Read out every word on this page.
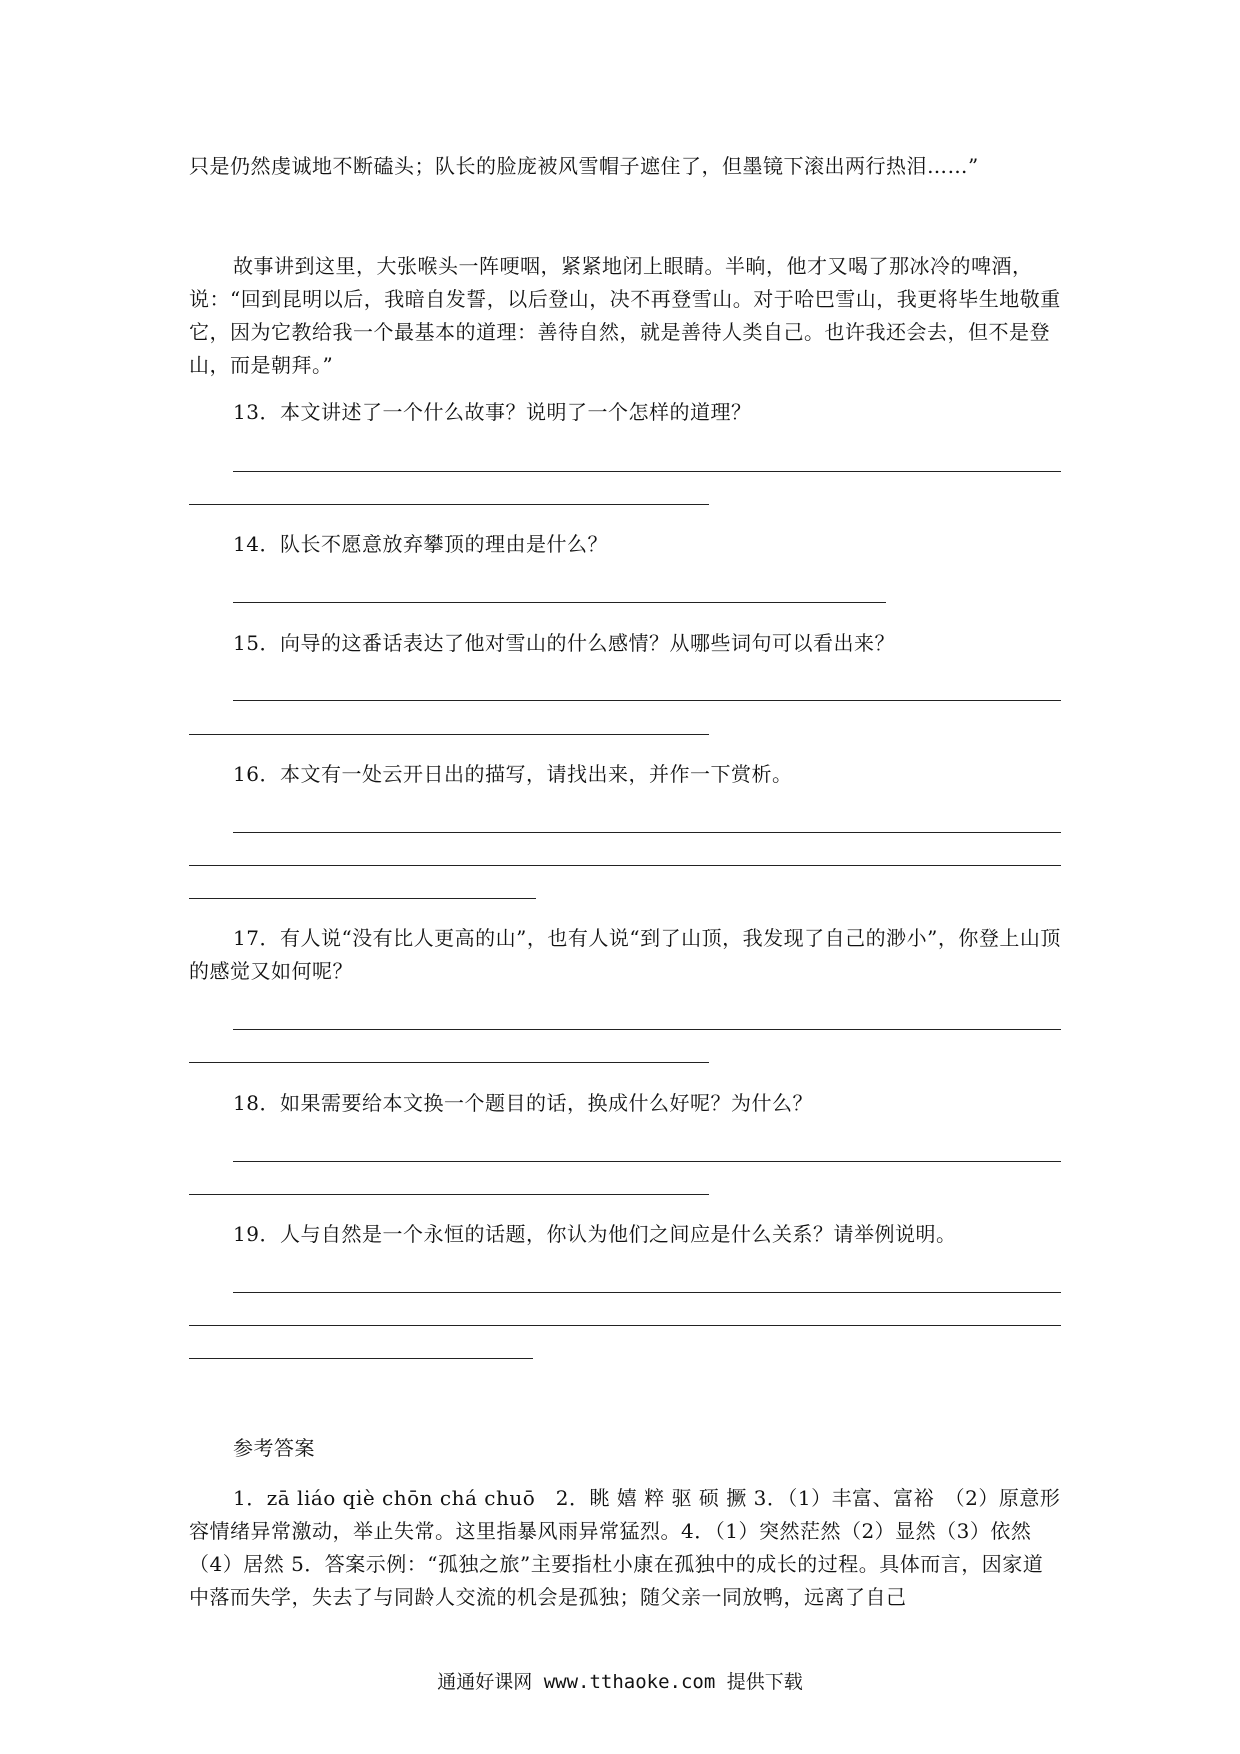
只是仍然虔诚地不断磕头；队长的脸庞被风雪帽子遮住了，但墨镜下滚出两行热泪……”

故事讲到这里，大张喉头一阵哽咽，紧紧地闭上眼睛。半晌，他才又喝了那冰冷的啤酒，说：“回到昆明以后，我暗自发誓，以后登山，决不再登雪山。对于哈巴雪山，我更将毕生地敬重它，因为它教给我一个最基本的道理：善待自然，就是善待人类自己。也许我还会去，但不是登山，而是朝拜。”

13．本文讲述了一个什么故事？说明了一个怎样的道理？

14．队长不愿意放弃攀顶的理由是什么？

15．向导的这番话表达了他对雪山的什么感情？从哪些词句可以看出来？

16．本文有一处云开日出的描写，请找出来，并作一下赏析。

17．有人说“没有比人更高的山”，也有人说“到了山顶，我发现了自己的渺小”，你登上山顶的感觉又如何呢？

18．如果需要给本文换一个题目的话，换成什么好呢？为什么？

19．人与自然是一个永恒的话题，你认为他们之间应是什么关系？请举例说明。

参考答案

1．zā liáo qiè chōn chá chuō　2．眺 嬉 粹 驱 硕 撅 3．（1）丰富、富裕　（2）原意形容情绪异常激动，举止失常。这里指暴风雨异常猛烈。4．（1）突然茫然（2）显然（3）依然（4）居然 5．答案示例：“孤独之旅”主要指杜小康在孤独中的成长的过程。具体而言，因家道中落而失学，失去了与同龄人交流的机会是孤独；随父亲一同放鸭，远离了自己

通通好课网 www.tthaoke.com 提供下载
